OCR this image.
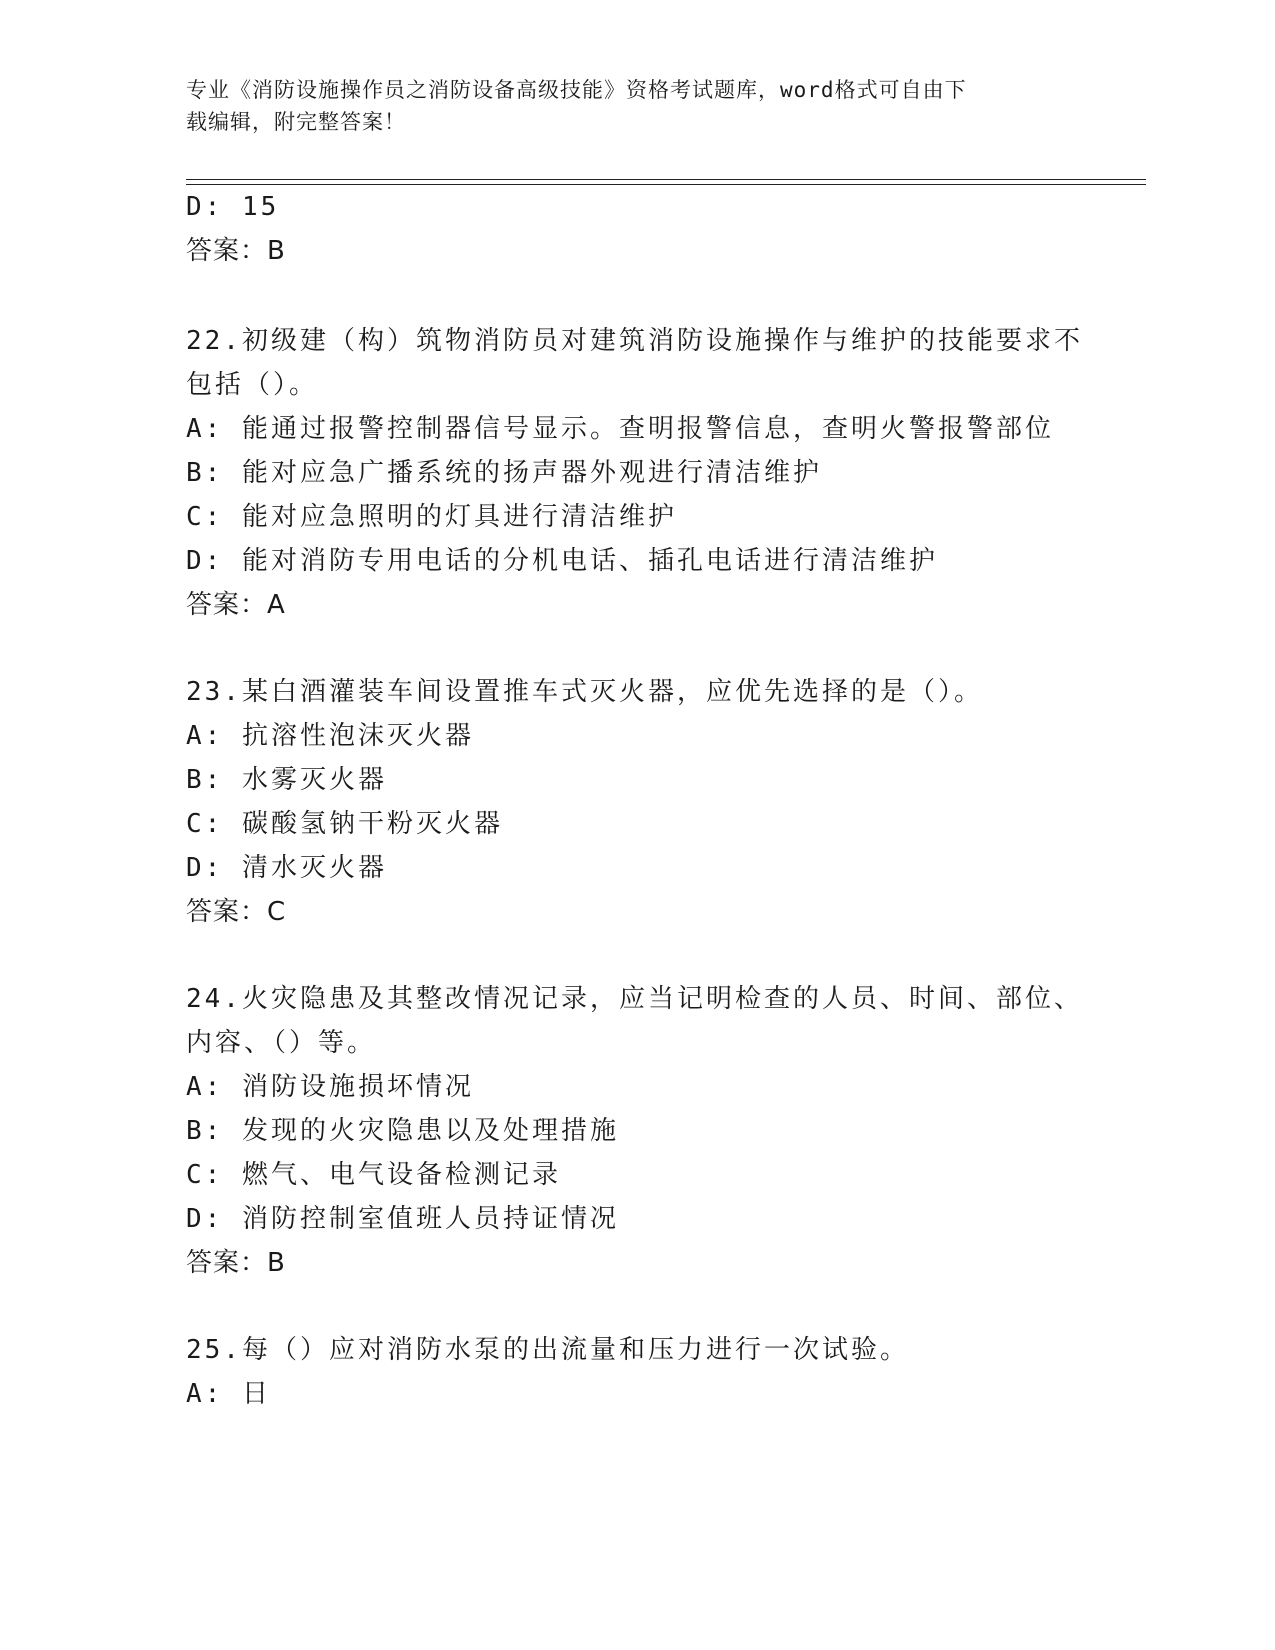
专业《消防设施操作员之消防设备高级技能》资格考试题库，word格式可自由下
载编辑，附完整答案！
D: 15
答案：B
22.初级建（构）筑物消防员对建筑消防设施操作与维护的技能要求不
包括（）。
A: 能通过报警控制器信号显示。查明报警信息，查明火警报警部位
B: 能对应急广播系统的扬声器外观进行清洁维护
C: 能对应急照明的灯具进行清洁维护
D: 能对消防专用电话的分机电话、插孔电话进行清洁维护
答案：A
23.某白酒灌装车间设置推车式灭火器，应优先选择的是（）。
A: 抗溶性泡沫灭火器
B: 水雾灭火器
C: 碳酸氢钠干粉灭火器
D: 清水灭火器
答案：C
24.火灾隐患及其整改情况记录，应当记明检查的人员、时间、部位、
内容、（）等。
A: 消防设施损坏情况
B: 发现的火灾隐患以及处理措施
C: 燃气、电气设备检测记录
D: 消防控制室值班人员持证情况
答案：B
25.每（）应对消防水泵的出流量和压力进行一次试验。
A: 日
